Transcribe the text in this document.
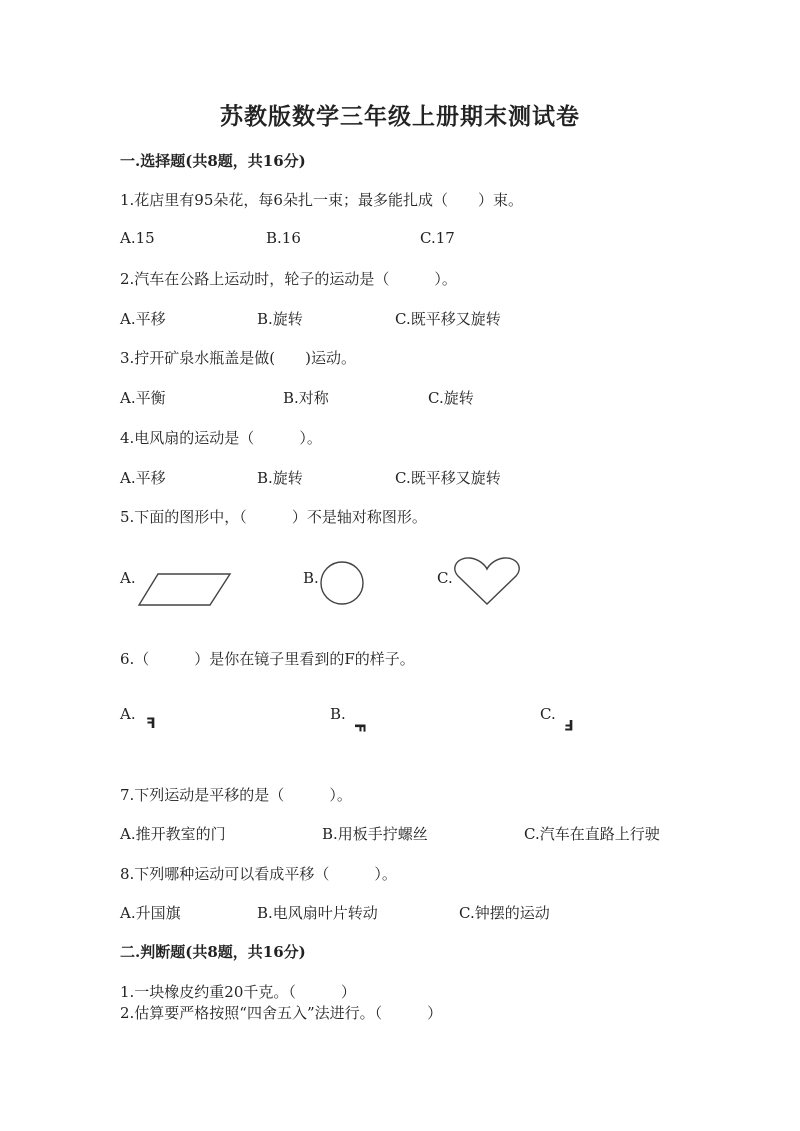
苏教版数学三年级上册期末测试卷
一.选择题(共8题，共16分)
1.花店里有95朵花，每6朵扎一束；最多能扎成（　　）束。
A.15	B.16	C.17
2.汽车在公路上运动时，轮子的运动是（　　　）。
A.平移	B.旋转	C.既平移又旋转
3.拧开矿泉水瓶盖是做(　　)运动。
A.平衡	B.对称	C.旋转
4.电风扇的运动是（　　　）。
A.平移	B.旋转	C.既平移又旋转
5.下面的图形中，（　　　）不是轴对称图形。
A.	B.	C.
6.（　　　）是你在镜子里看到的F的样子。
A.
F
B.
F
C.
F
7.下列运动是平移的是（　　　）。
A.推开教室的门	B.用板手拧螺丝	C.汽车在直路上行驶
8.下列哪种运动可以看成平移（　　　）。
A.升国旗	B.电风扇叶片转动	C.钟摆的运动
二.判断题(共8题，共16分)
1.一块橡皮约重20千克。（　　　）
2.估算要严格按照“四舍五入”法进行。（　　　）
